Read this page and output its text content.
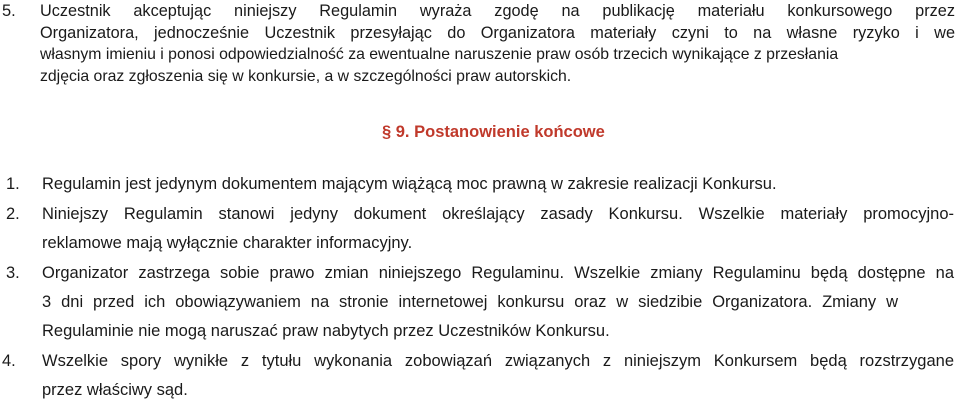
5. Uczestnik akceptując niniejszy Regulamin wyraża zgodę na publikację materiału konkursowego przez
Organizatora, jednocześnie Uczestnik przesyłając do Organizatora materiały czyni to na własne ryzyko i we
własnym imieniu i ponosi odpowiedzialność za ewentualne naruszenie praw osób trzecich wynikające z przesłania
zdjęcia oraz zgłoszenia się w konkursie, a w szczególności praw autorskich.
§ 9. Postanowienie końcowe
1. Regulamin jest jedynym dokumentem mającym wiążącą moc prawną w zakresie realizacji Konkursu.
2. Niniejszy Regulamin stanowi jedyny dokument określający zasady Konkursu. Wszelkie materiały promocyjno-
reklamowe mają wyłącznie charakter informacyjny.
3. Organizator zastrzega sobie prawo zmian niniejszego Regulaminu. Wszelkie zmiany Regulaminu będą dostępne na
3 dni przed ich obowiązywaniem na stronie internetowej konkursu oraz w siedzibie Organizatora. Zmiany w
Regulaminie nie mogą naruszać praw nabytych przez Uczestników Konkursu.
4. Wszelkie spory wynikłe z tytułu wykonania zobowiązań związanych z niniejszym Konkursem będą rozstrzygane
przez właściwy sąd.
